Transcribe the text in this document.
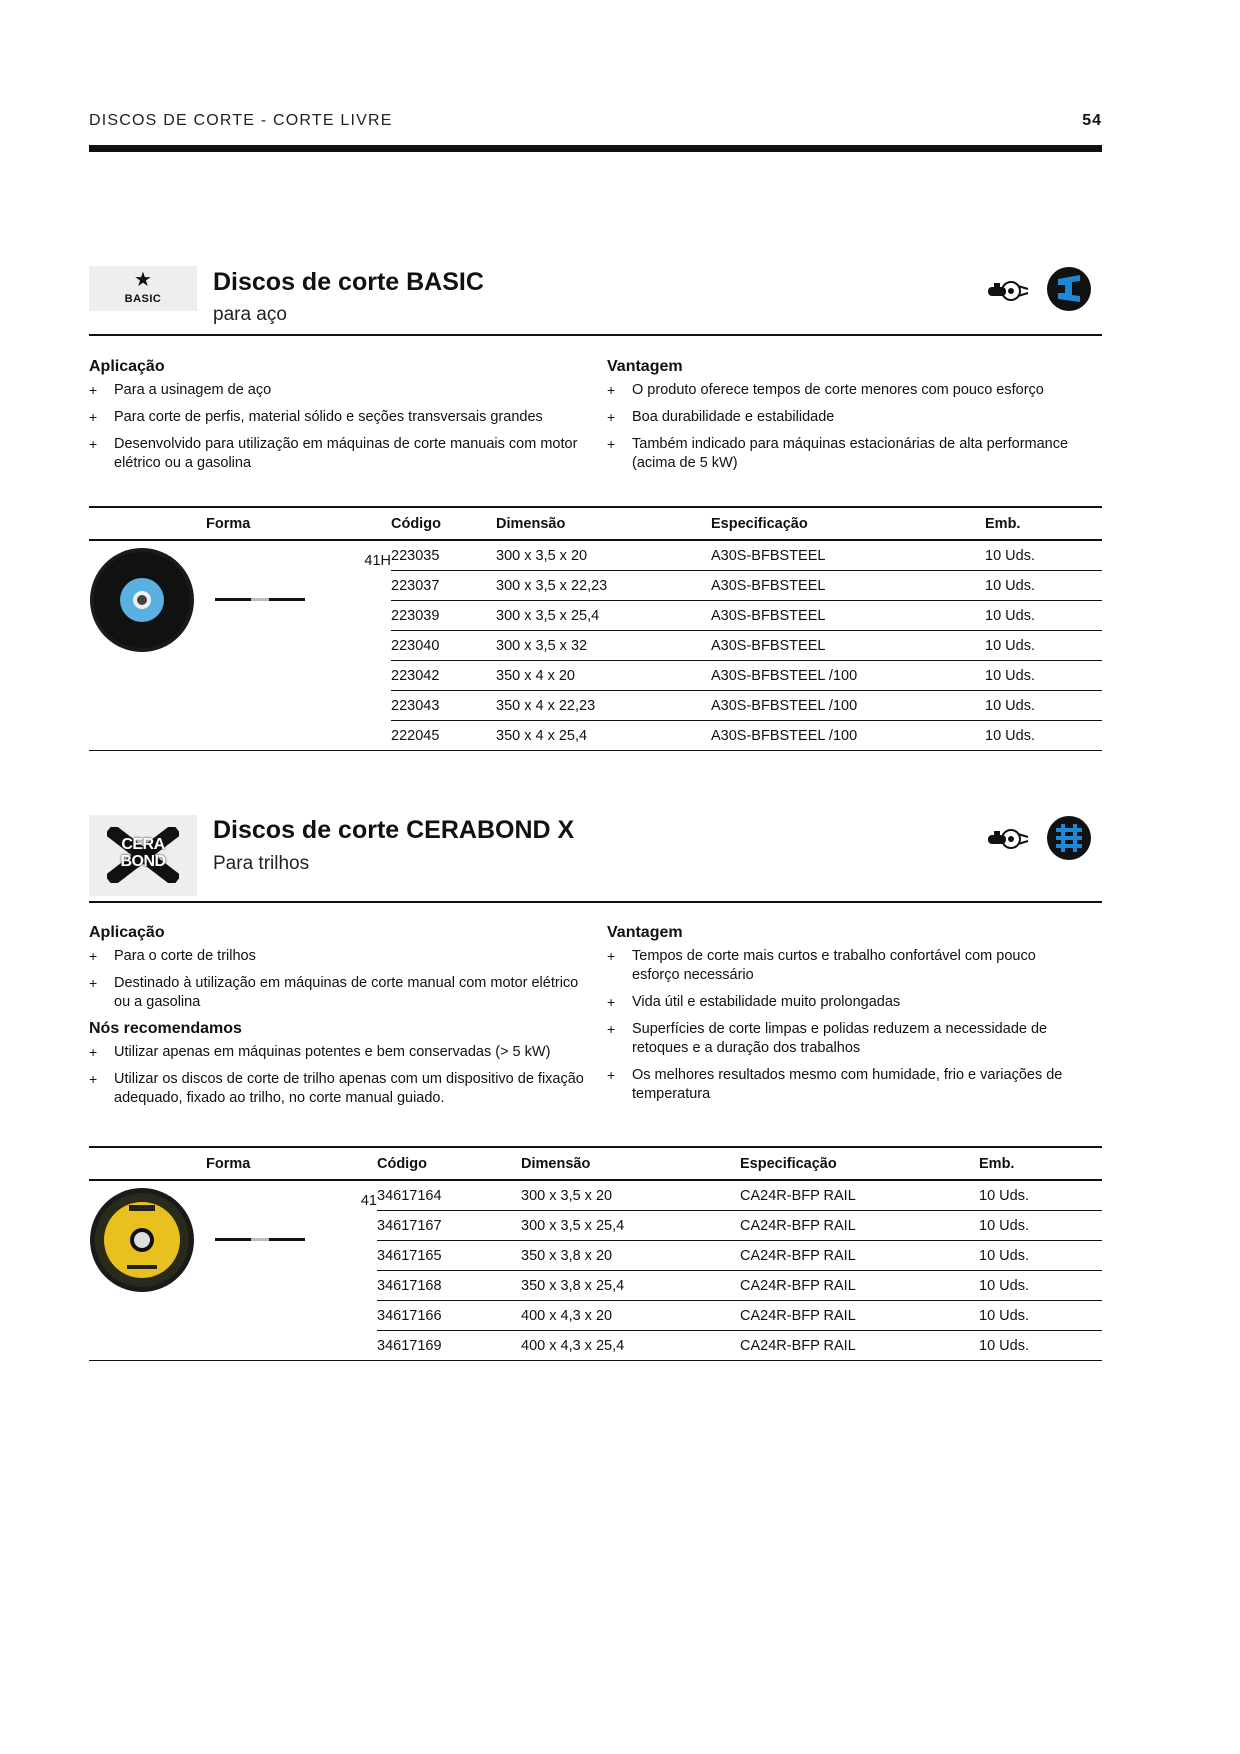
DISCOS DE CORTE - CORTE LIVRE	54
★
BASIC
Discos de corte BASIC
para aço
Aplicação
+ Para a usinagem de aço
+ Para corte de perfis, material sólido e seções transversais grandes
+ Desenvolvido para utilização em máquinas de corte manuais com motor elétrico ou a gasolina
Vantagem
+ O produto oferece tempos de corte menores com pouco esforço
+ Boa durabilidade e estabilidade
+ Também indicado para máquinas estacionárias de alta performance (acima de 5 kW)
Forma	Código	Dimensão	Especificação	Emb.

41H	223035	300 x 3,5 x 20	A30S-BFBSTEEL	10 Uds.
	223037	300 x 3,5 x 22,23	A30S-BFBSTEEL	10 Uds.
	223039	300 x 3,5 x 25,4	A30S-BFBSTEEL	10 Uds.
	223040	300 x 3,5 x 32	A30S-BFBSTEEL	10 Uds.
	223042	350 x 4 x 20	A30S-BFBSTEEL /100	10 Uds.
	223043	350 x 4 x 22,23	A30S-BFBSTEEL /100	10 Uds.
	222045	350 x 4 x 25,4	A30S-BFBSTEEL /100	10 Uds.
CERA
BOND
Discos de corte CERABOND X
Para trilhos
Aplicação
+ Para o corte de trilhos
+ Destinado à utilização em máquinas de corte manual com motor elétrico ou a gasolina
Nós recomendamos
+ Utilizar apenas em máquinas potentes e bem conservadas (> 5 kW)
+ Utilizar os discos de corte de trilho apenas com um dispositivo de fixação adequado, fixado ao trilho, no corte manual guiado.
Vantagem
+ Tempos de corte mais curtos e trabalho confortável com pouco esforço necessário
+ Vida útil e estabilidade muito prolongadas
+ Superfícies de corte limpas e polidas reduzem a necessidade de retoques e a duração dos trabalhos
+ Os melhores resultados mesmo com humidade, frio e variações de temperatura
Forma	Código	Dimensão	Especificação	Emb.

41	34617164	300 x 3,5 x 20	CA24R-BFP RAIL	10 Uds.
	34617167	300 x 3,5 x 25,4	CA24R-BFP RAIL	10 Uds.
	34617165	350 x 3,8 x 20	CA24R-BFP RAIL	10 Uds.
	34617168	350 x 3,8 x 25,4	CA24R-BFP RAIL	10 Uds.
	34617166	400 x 4,3 x 20	CA24R-BFP RAIL	10 Uds.
	34617169	400 x 4,3 x 25,4	CA24R-BFP RAIL	10 Uds.
